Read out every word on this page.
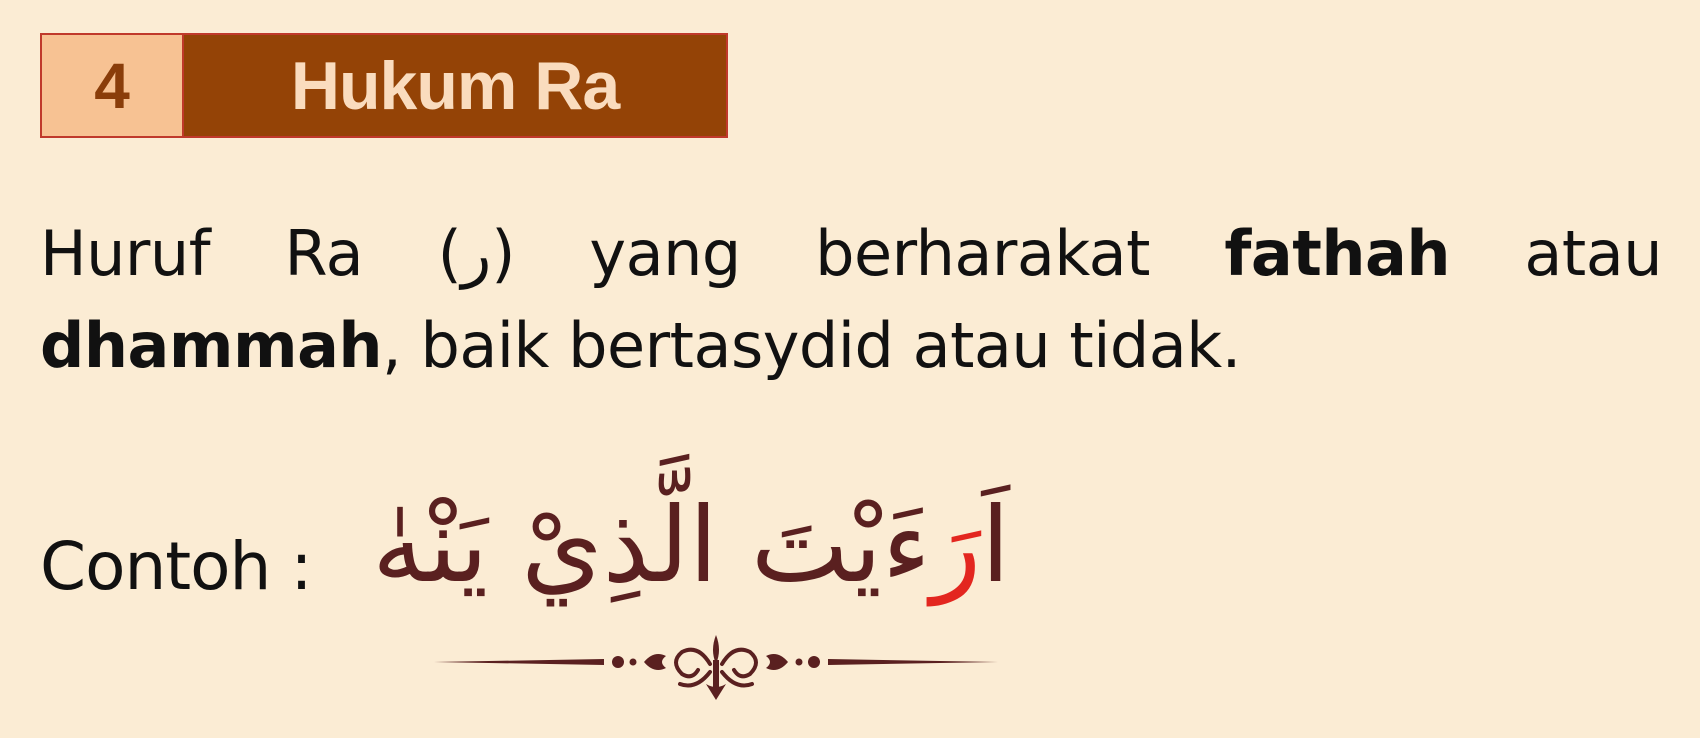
4	Hukum Ra

Huruf Ra (ر) yang berharakat fathah atau dhammah, baik bertasydid atau tidak.

Contoh :	اَرَءَيْتَ الَّذِيْ يَنْهٰ
